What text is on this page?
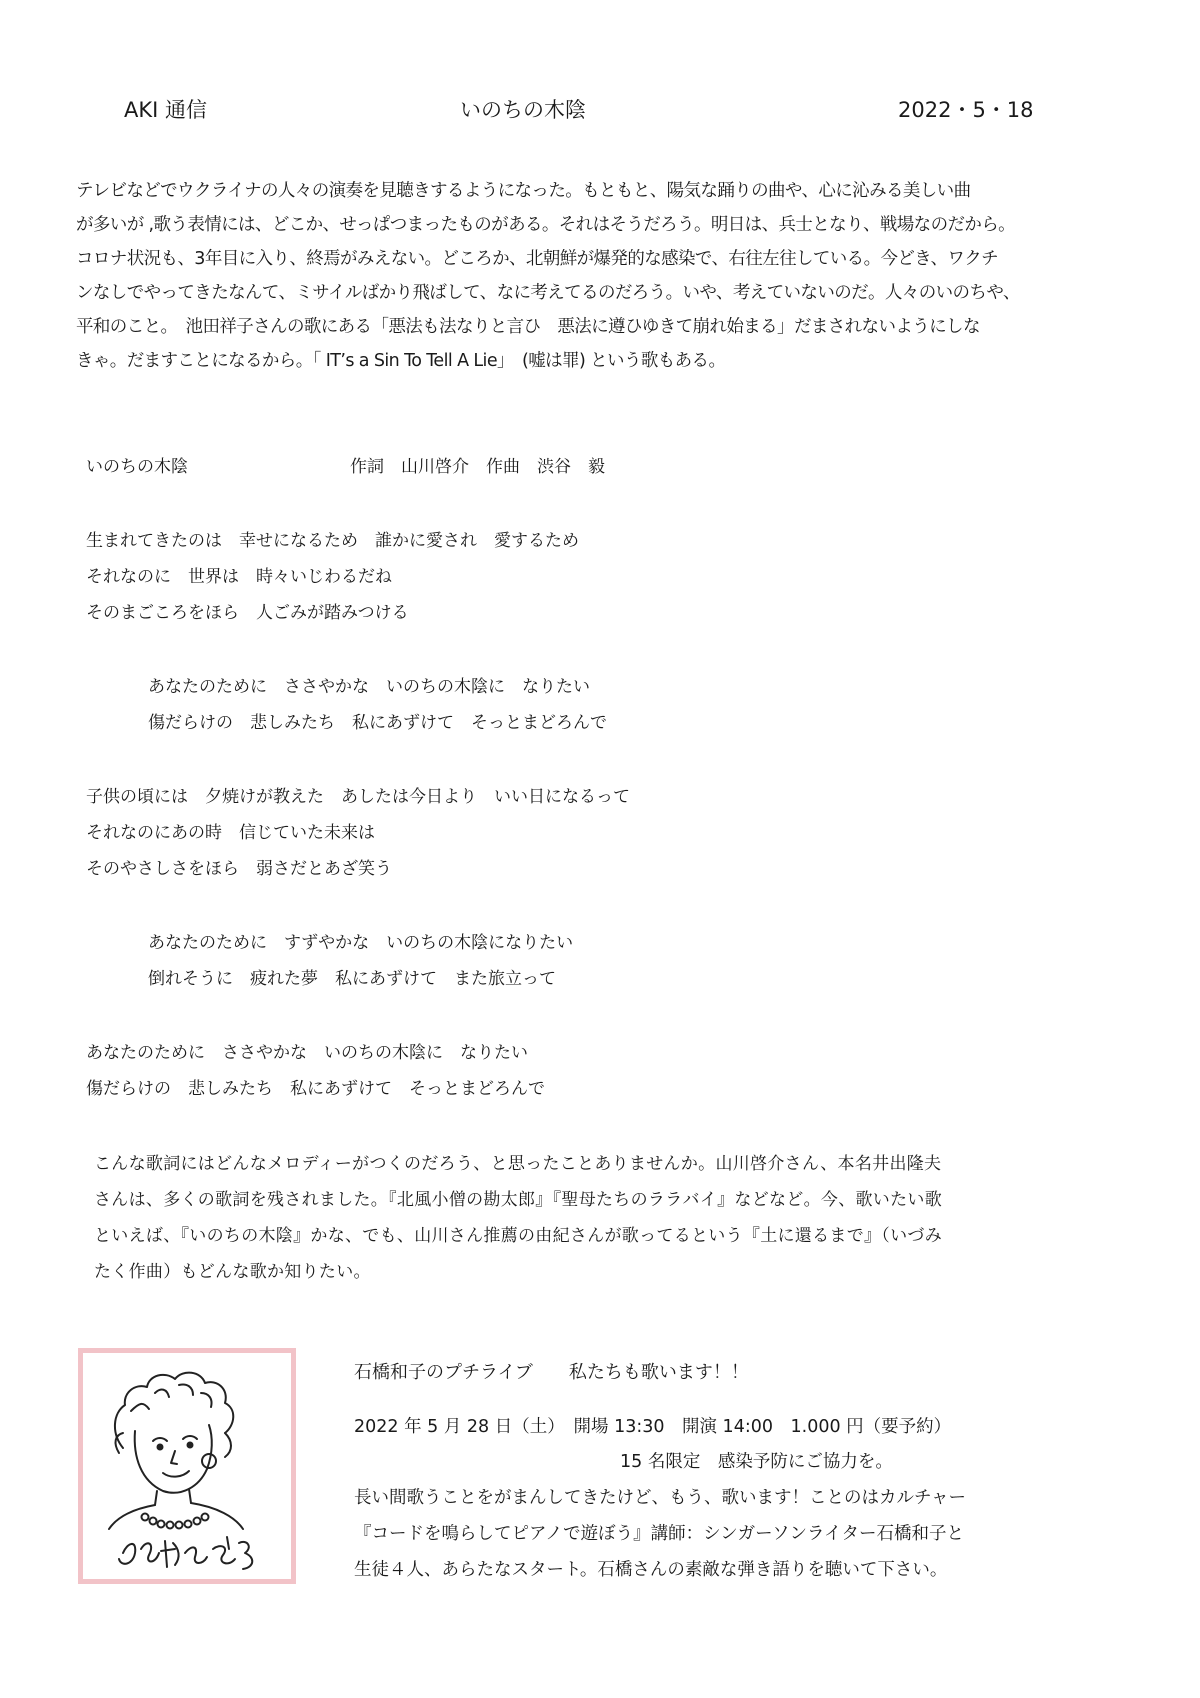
AKI 通信	いのちの木陰	2022・5・18

テレビなどでウクライナの人々の演奏を見聴きするようになった。もともと、陽気な踊りの曲や、心に沁みる美しい曲

が多いが ,歌う表情には、どこか、せっぱつまったものがある。それはそうだろう。明日は、兵士となり、戦場なのだから。

コロナ状況も、3年目に入り、終焉がみえない。どころか、北朝鮮が爆発的な感染で、右往左往している。今どき、ワクチ

ンなしでやってきたなんて、ミサイルばかり飛ばして、なに考えてるのだろう。いや、考えていないのだ。人々のいのちや、

平和のこと。　池田祥子さんの歌にある「悪法も法なりと言ひ　悪法に遵ひゆきて崩れ始まる」だまされないようにしな

きゃ。だますことになるから。「 IT’s a Sin To Tell A Lie」　(嘘は罪) という歌もある。

いのちの木陰	作詞　山川啓介　作曲　渋谷　毅
生まれてきたのは　幸せになるため　誰かに愛され　愛するため
それなのに　世界は　時々いじわるだね
そのまごころをほら　人ごみが踏みつける
あなたのために　ささやかな　いのちの木陰に　なりたい
傷だらけの　悲しみたち　私にあずけて　そっとまどろんで
子供の頃には　夕焼けが教えた　あしたは今日より　いい日になるって
それなのにあの時　信じていた未来は
そのやさしさをほら　弱さだとあざ笑う
あなたのために　すずやかな　いのちの木陰になりたい
倒れそうに　疲れた夢　私にあずけて　また旅立って
あなたのために　ささやかな　いのちの木陰に　なりたい
傷だらけの　悲しみたち　私にあずけて　そっとまどろんで

こんな歌詞にはどんなメロディーがつくのだろう、と思ったことありませんか。山川啓介さん、本名井出隆夫

さんは、多くの歌詞を残されました。『北風小僧の勘太郎』『聖母たちのララバイ』などなど。今、歌いたい歌

といえば、『いのちの木陰』かな、でも、山川さん推薦の由紀さんが歌ってるという『土に還るまで』（いづみ

たく作曲）もどんな歌か知りたい。

石橋和子のプチライブ　　私たちも歌います！！
2022 年 5 月 28 日（土）　開場 13:30　開演 14:00　1.000 円（要予約）
15 名限定　感染予防にご協力を。
長い間歌うことをがまんしてきたけど、もう、歌います！ことのはカルチャー
『コードを鳴らしてピアノで遊ぼう』講師：シンガーソンライター石橋和子と
生徒４人、あらたなスタート。石橋さんの素敵な弾き語りを聴いて下さい。
